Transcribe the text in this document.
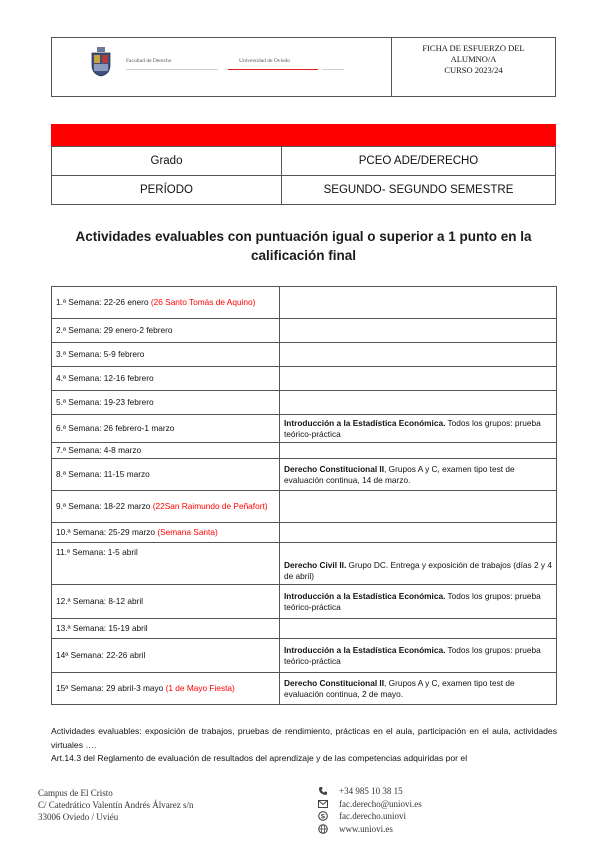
Facultad de Derecho	Universidad de Oviedo
FICHA DE ESFUERZO DEL
ALUMNO/A
CURSO 2023/24
Grado	PCEO ADE/DERECHO
PERÍODO	SEGUNDO- SEGUNDO SEMESTRE
Actividades evaluables con puntuación igual o superior a 1 punto en la
calificación final
1.ª Semana: 22-26 enero (26 Santo Tomás de Aquino)	
2.ª Semana: 29 enero-2 febrero	
3.ª Semana: 5-9 febrero	
4.ª Semana: 12-16 febrero	
5.ª Semana: 19-23 febrero	
6.ª Semana: 26 febrero-1 marzo	Introducción a la Estadística Económica. Todos los grupos: prueba teórico-práctica
7.ª Semana: 4-8 marzo	
8.ª Semana: 11-15 marzo	Derecho Constitucional II, Grupos A y C, examen tipo test de evaluación continua, 14 de marzo.
9.ª Semana: 18-22 marzo (22San Raimundo de Peñafort)	
10.ª Semana: 25-29 marzo (Semana Santa)	
11.ª Semana: 1-5 abril	Derecho Civil II. Grupo DC. Entrega y exposición de trabajos (días 2 y 4 de abril)
12.ª Semana: 8-12 abril	Introducción a la Estadística Económica. Todos los grupos: prueba teórico-práctica
13.ª Semana: 15-19 abril	
14ª Semana: 22-26 abril	Introducción a la Estadística Económica. Todos los grupos: prueba teórico-práctica
15ª Semana: 29 abril-3 mayo (1 de Mayo Fiesta)	Derecho Constitucional II, Grupos A y C, examen tipo test de evaluación continua, 2 de mayo.
Actividades evaluables: exposición de trabajos, pruebas de rendimiento, prácticas en el aula, participación en el aula, actividades virtuales ….
Art.14.3 del Reglamento de evaluación de resultados del aprendizaje y de las competencias adquiridas por el
Campus de El Cristo
C/ Catedrático Valentín Andrés Álvarez s/n
33006 Oviedo / Uviéu
+34 985 10 38 15
fac.derecho@uniovi.es
S fac.derecho.uniovi
www.uniovi.es
